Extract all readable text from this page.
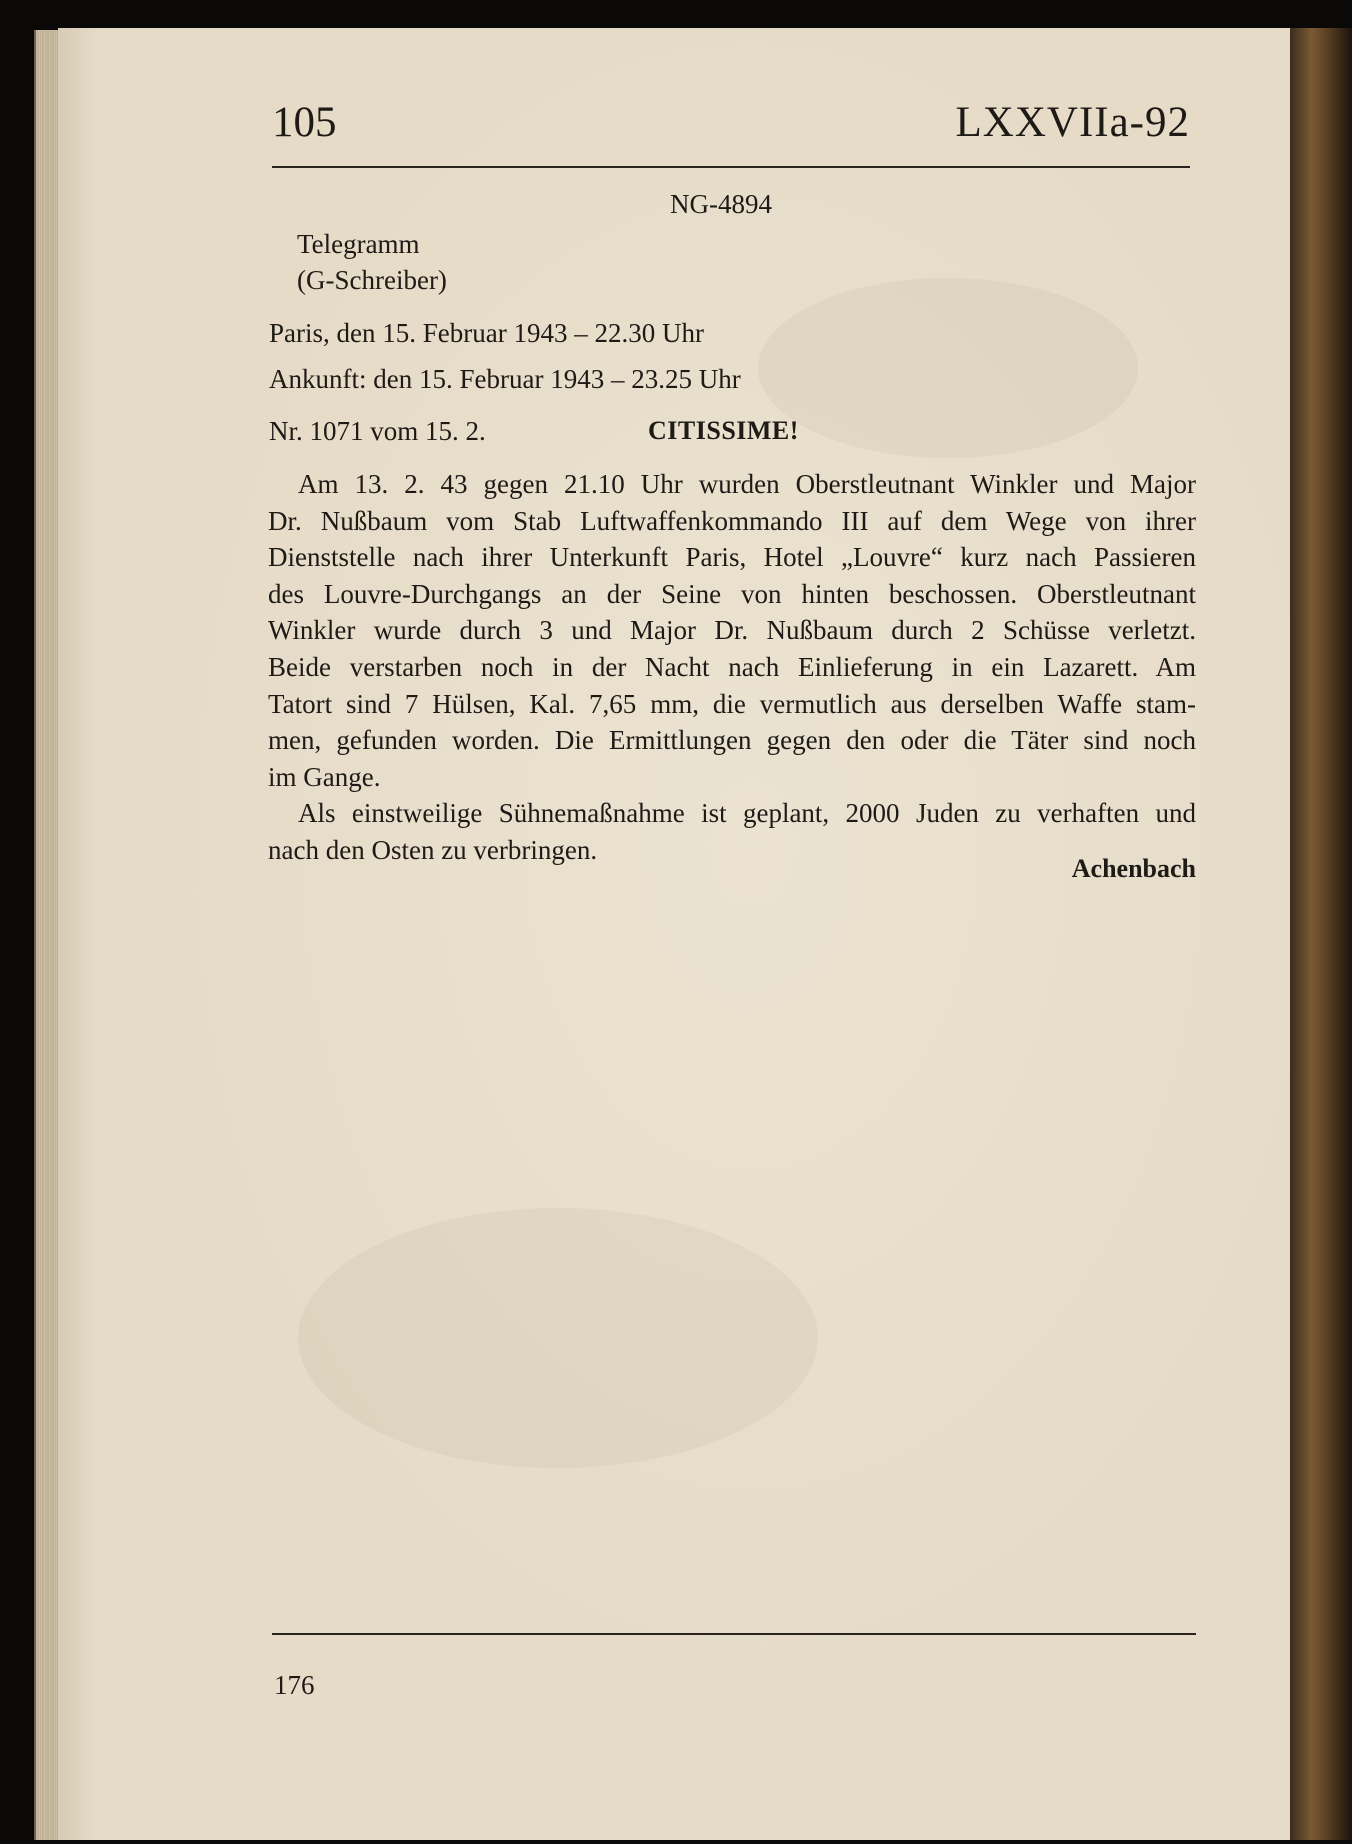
105	LXXVIIa-92
NG-4894
Telegramm
(G-Schreiber)
Paris, den 15. Februar 1943 – 22.30 Uhr
Ankunft: den 15. Februar 1943 – 23.25 Uhr
Nr. 1071 vom 15. 2.	CITISSIME!
Am 13. 2. 43 gegen 21.10 Uhr wurden Oberstleutnant Winkler und Major
Dr. Nußbaum vom Stab Luftwaffenkommando III auf dem Wege von ihrer
Dienststelle nach ihrer Unterkunft Paris, Hotel „Louvre“ kurz nach Passieren
des Louvre-Durchgangs an der Seine von hinten beschossen. Oberstleutnant
Winkler wurde durch 3 und Major Dr. Nußbaum durch 2 Schüsse verletzt.
Beide verstarben noch in der Nacht nach Einlieferung in ein Lazarett. Am
Tatort sind 7 Hülsen, Kal. 7,65 mm, die vermutlich aus derselben Waffe stam-
men, gefunden worden. Die Ermittlungen gegen den oder die Täter sind noch
im Gange.
Als einstweilige Sühnemaßnahme ist geplant, 2000 Juden zu verhaften und
nach den Osten zu verbringen.
Achenbach
176
